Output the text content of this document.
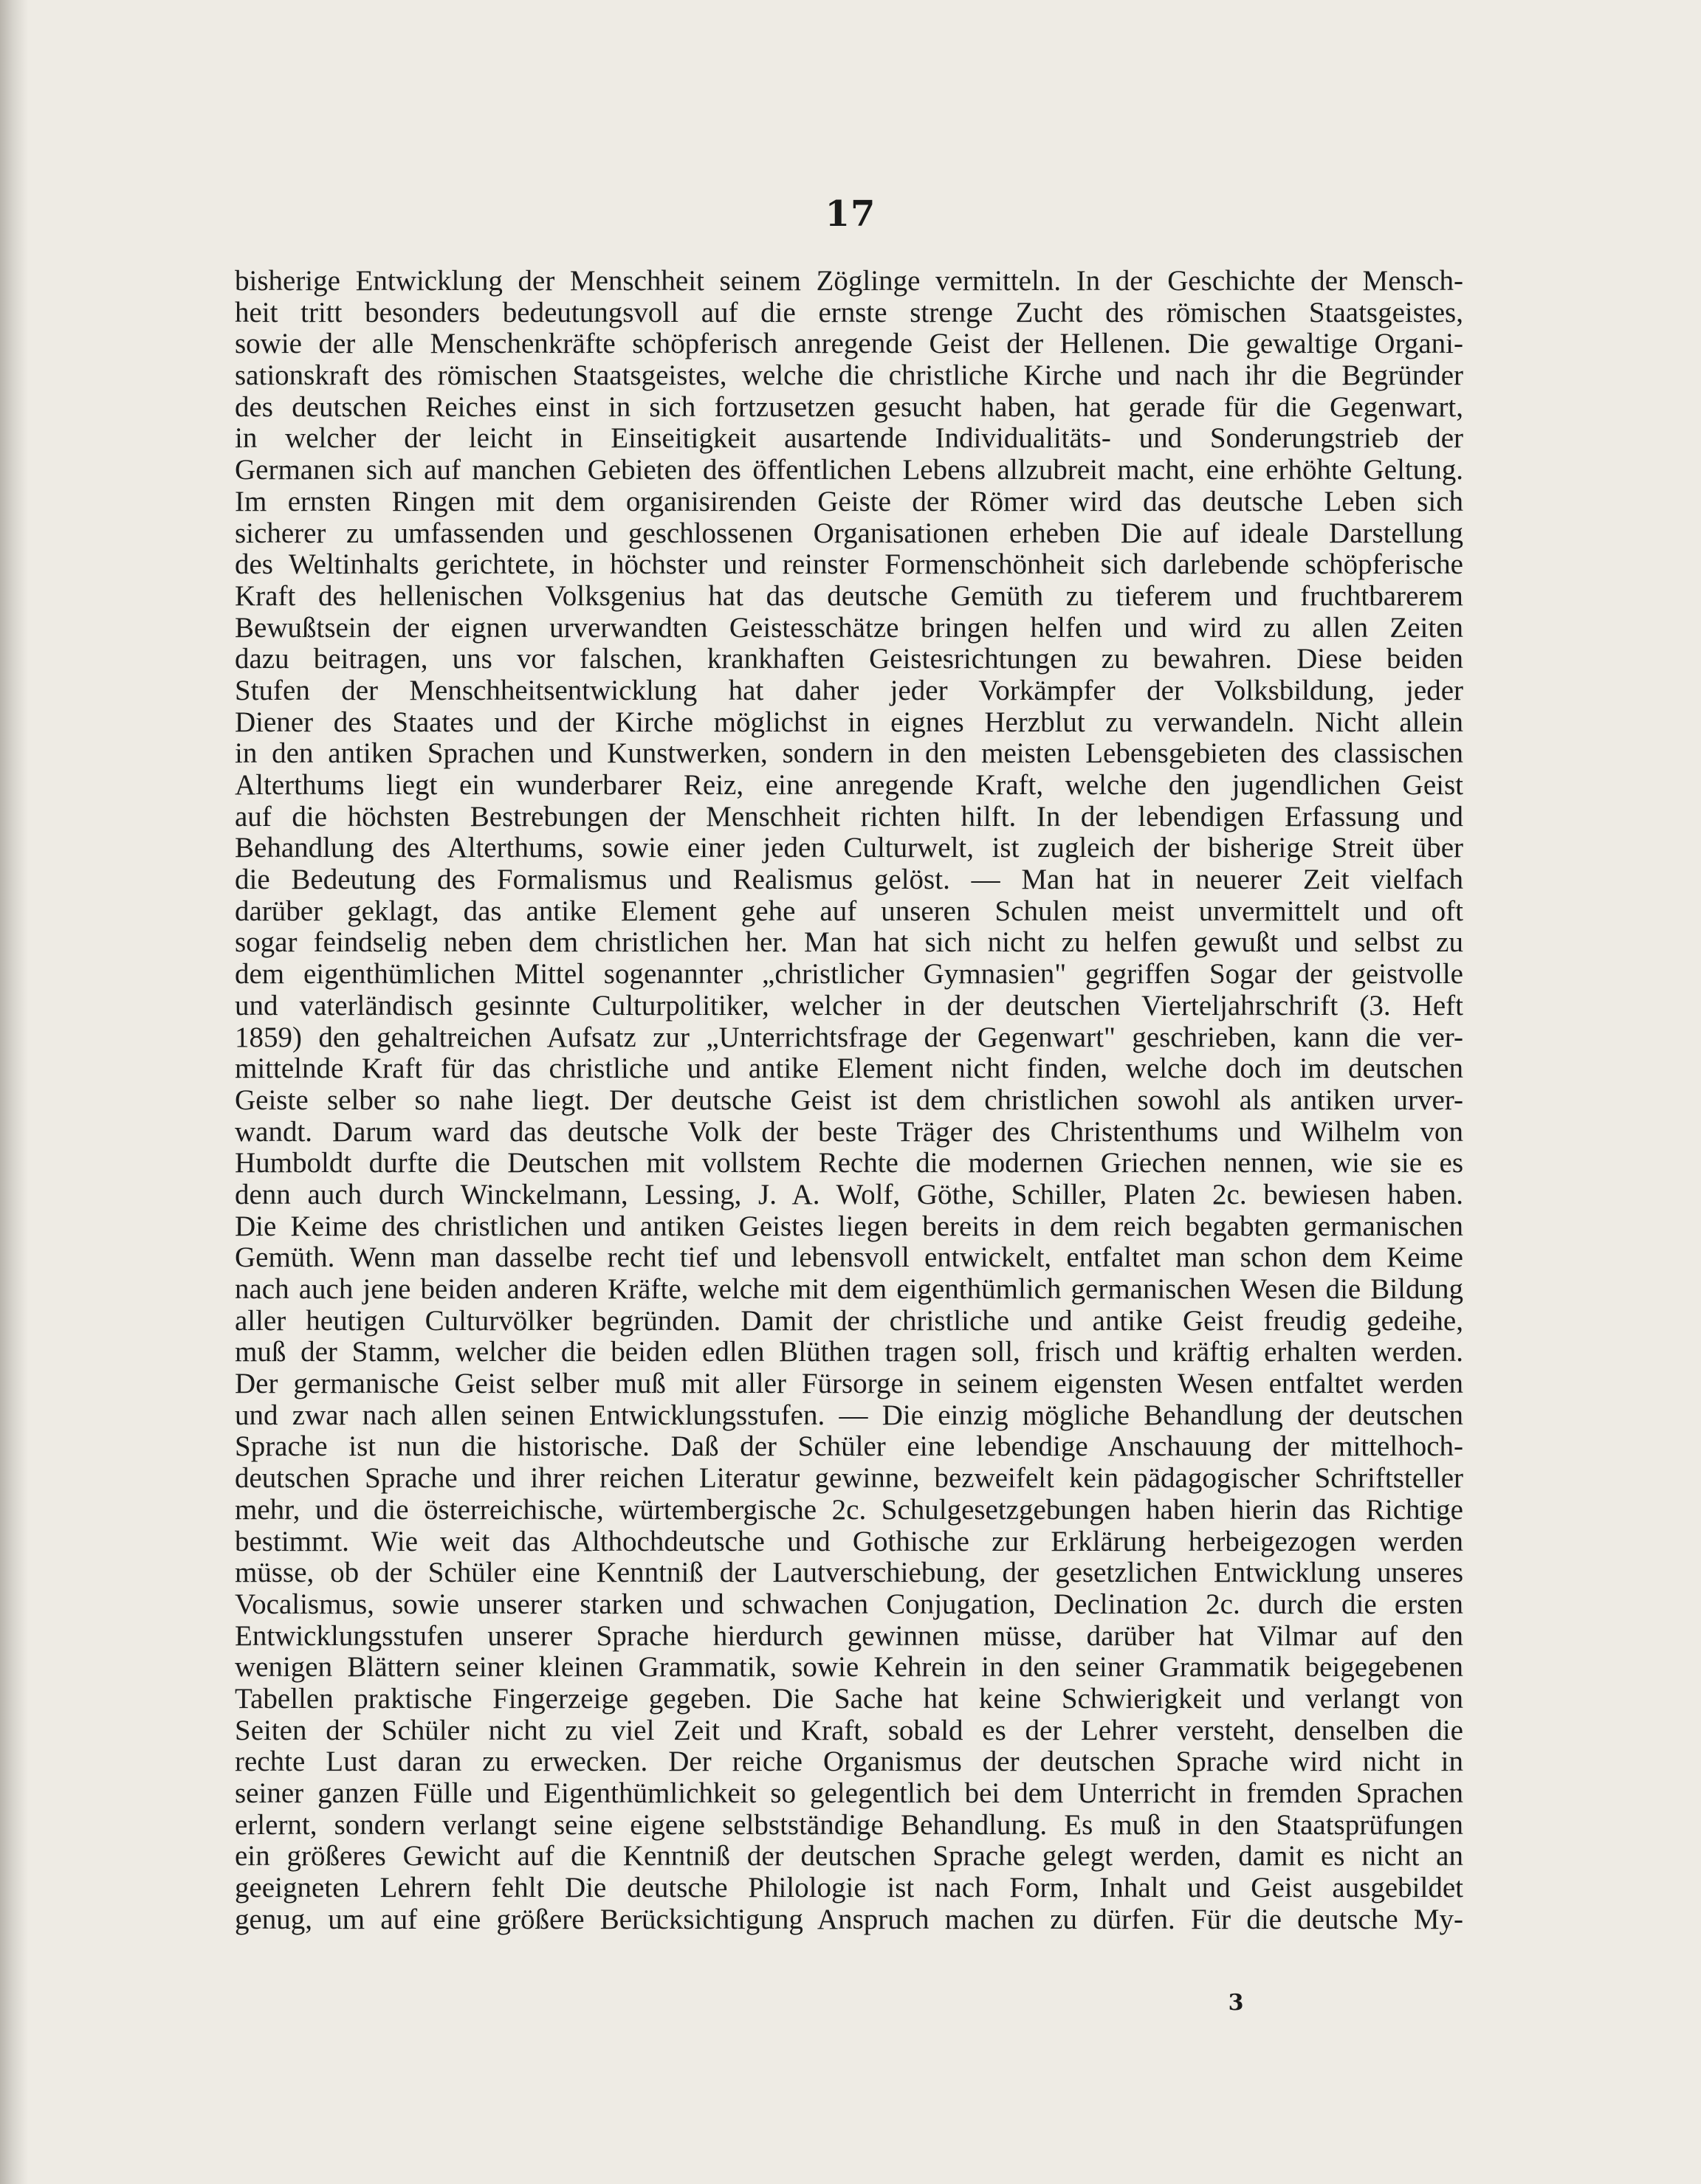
17
bisherige Entwicklung der Menschheit seinem Zöglinge vermitteln. In der Geschichte der Mensch-
heit tritt besonders bedeutungsvoll auf die ernste strenge Zucht des römischen Staatsgeistes,
sowie der alle Menschenkräfte schöpferisch anregende Geist der Hellenen. Die gewaltige Organi-
sationskraft des römischen Staatsgeistes, welche die christliche Kirche und nach ihr die Begründer
des deutschen Reiches einst in sich fortzusetzen gesucht haben, hat gerade für die Gegenwart,
in welcher der leicht in Einseitigkeit ausartende Individualitäts- und Sonderungstrieb der
Germanen sich auf manchen Gebieten des öffentlichen Lebens allzubreit macht, eine erhöhte Geltung.
Im ernsten Ringen mit dem organisirenden Geiste der Römer wird das deutsche Leben sich
sicherer zu umfassenden und geschlossenen Organisationen erheben Die auf ideale Darstellung
des Weltinhalts gerichtete, in höchster und reinster Formenschönheit sich darlebende schöpferische
Kraft des hellenischen Volksgenius hat das deutsche Gemüth zu tieferem und fruchtbarerem
Bewußtsein der eignen urverwandten Geistesschätze bringen helfen und wird zu allen Zeiten
dazu beitragen, uns vor falschen, krankhaften Geistesrichtungen zu bewahren. Diese beiden
Stufen der Menschheitsentwicklung hat daher jeder Vorkämpfer der Volksbildung, jeder
Diener des Staates und der Kirche möglichst in eignes Herzblut zu verwandeln. Nicht allein
in den antiken Sprachen und Kunstwerken, sondern in den meisten Lebensgebieten des classischen
Alterthums liegt ein wunderbarer Reiz, eine anregende Kraft, welche den jugendlichen Geist
auf die höchsten Bestrebungen der Menschheit richten hilft. In der lebendigen Erfassung und
Behandlung des Alterthums, sowie einer jeden Culturwelt, ist zugleich der bisherige Streit über
die Bedeutung des Formalismus und Realismus gelöst. — Man hat in neuerer Zeit vielfach
darüber geklagt, das antike Element gehe auf unseren Schulen meist unvermittelt und oft
sogar feindselig neben dem christlichen her. Man hat sich nicht zu helfen gewußt und selbst zu
dem eigenthümlichen Mittel sogenannter „christlicher Gymnasien" gegriffen Sogar der geistvolle
und vaterländisch gesinnte Culturpolitiker, welcher in der deutschen Vierteljahrschrift (3. Heft
1859) den gehaltreichen Aufsatz zur „Unterrichtsfrage der Gegenwart" geschrieben, kann die ver-
mittelnde Kraft für das christliche und antike Element nicht finden, welche doch im deutschen
Geiste selber so nahe liegt. Der deutsche Geist ist dem christlichen sowohl als antiken urver-
wandt. Darum ward das deutsche Volk der beste Träger des Christenthums und Wilhelm von
Humboldt durfte die Deutschen mit vollstem Rechte die modernen Griechen nennen, wie sie es
denn auch durch Winckelmann, Lessing, J. A. Wolf, Göthe, Schiller, Platen 2c. bewiesen haben.
Die Keime des christlichen und antiken Geistes liegen bereits in dem reich begabten germanischen
Gemüth. Wenn man dasselbe recht tief und lebensvoll entwickelt, entfaltet man schon dem Keime
nach auch jene beiden anderen Kräfte, welche mit dem eigenthümlich germanischen Wesen die Bildung
aller heutigen Culturvölker begründen. Damit der christliche und antike Geist freudig gedeihe,
muß der Stamm, welcher die beiden edlen Blüthen tragen soll, frisch und kräftig erhalten werden.
Der germanische Geist selber muß mit aller Fürsorge in seinem eigensten Wesen entfaltet werden
und zwar nach allen seinen Entwicklungsstufen. — Die einzig mögliche Behandlung der deutschen
Sprache ist nun die historische. Daß der Schüler eine lebendige Anschauung der mittelhoch-
deutschen Sprache und ihrer reichen Literatur gewinne, bezweifelt kein pädagogischer Schriftsteller
mehr, und die österreichische, würtembergische 2c. Schulgesetzgebungen haben hierin das Richtige
bestimmt. Wie weit das Althochdeutsche und Gothische zur Erklärung herbeigezogen werden
müsse, ob der Schüler eine Kenntniß der Lautverschiebung, der gesetzlichen Entwicklung unseres
Vocalismus, sowie unserer starken und schwachen Conjugation, Declination 2c. durch die ersten
Entwicklungsstufen unserer Sprache hierdurch gewinnen müsse, darüber hat Vilmar auf den
wenigen Blättern seiner kleinen Grammatik, sowie Kehrein in den seiner Grammatik beigegebenen
Tabellen praktische Fingerzeige gegeben. Die Sache hat keine Schwierigkeit und verlangt von
Seiten der Schüler nicht zu viel Zeit und Kraft, sobald es der Lehrer versteht, denselben die
rechte Lust daran zu erwecken. Der reiche Organismus der deutschen Sprache wird nicht in
seiner ganzen Fülle und Eigenthümlichkeit so gelegentlich bei dem Unterricht in fremden Sprachen
erlernt, sondern verlangt seine eigene selbstständige Behandlung. Es muß in den Staatsprüfungen
ein größeres Gewicht auf die Kenntniß der deutschen Sprache gelegt werden, damit es nicht an
geeigneten Lehrern fehlt Die deutsche Philologie ist nach Form, Inhalt und Geist ausgebildet
genug, um auf eine größere Berücksichtigung Anspruch machen zu dürfen. Für die deutsche My-
3
